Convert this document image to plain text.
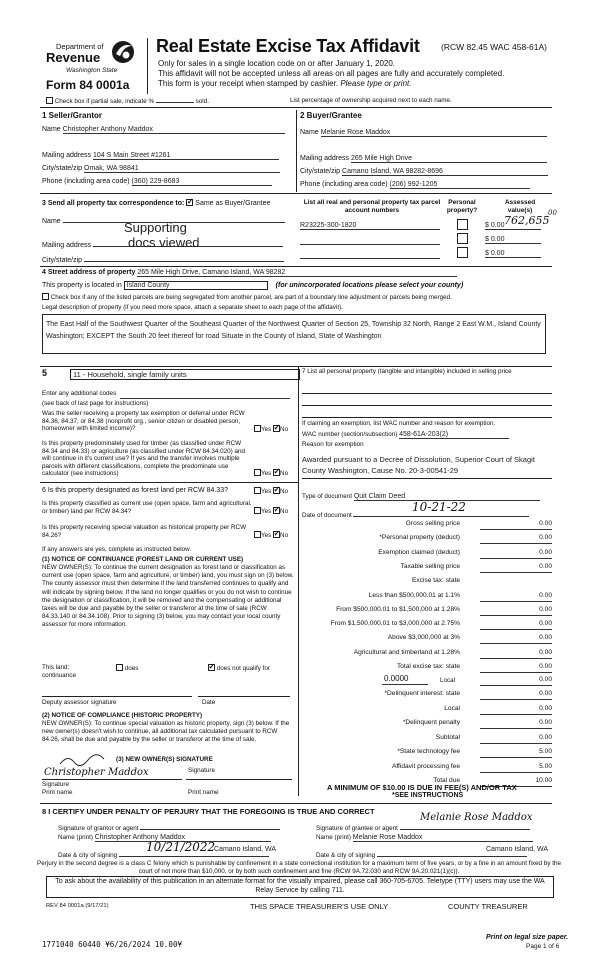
Department of
Revenue
Washington State
Form 84 0001a
Real Estate Excise Tax Affidavit	(RCW 82.45 WAC 458-61A)
Only for sales in a single location code on or after January 1, 2020.
This affidavit will not be accepted unless all areas on all pages are fully and accurately completed.
This form is your receipt when stamped by cashier. Please type or print.
Check box if partial sale, indicate %	sold.	List percentage of ownership acquired next to each name.
1 Seller/Grantor
Name Christopher Anthony Maddox
Mailing address 104 S Main Street #1261
City/state/zip Omak, WA 98841
Phone (including area code) (360) 229-8683
2 Buyer/Grantee
Name Melanie Rose Maddox
Mailing address 265 Mile High Drive
City/state/zip Camano Island, WA 98282-8696
Phone (including area code) (206) 992-1205
3 Send all property tax correspondence to: ✓ Same as Buyer/Grantee
Name
Mailing address
City/state/zip
Supporting
docs viewed
List all real and personal property tax parcel account numbers
Personal property?
Assessed value(s)
R23225-300-1820	$ 0.00
$ 0.00
$ 0.00
762,655
00
4 Street address of property 265 Mile High Drive, Camano Island, WA 98282
This property is located in Island County	(for unincorporated locations please select your county)
Check box if any of the listed parcels are being segregated from another parcel, are part of a boundary line adjustment or parcels being merged.
Legal description of property (if you need more space, attach a separate sheet to each page of the affidavit).
The East Half of the Southwest Quarter of the Southeast Quarter of the Northwest Quarter of Section 25, Township 32 North, Range 2 East W.M., Island County Washington; EXCEPT the South 20 feet thereof for road Situate in the County of Island, State of Washington
5	11 - Household, single family units
Enter any additional codes
(see back of last page for instructions)
Was the seller receiving a property tax exemption or deferral under RCW 84.36, 84.37, or 84.38 (nonprofit org., senior citizen or disabled person, homeowner with limited income)?	Yes ✓ No
Is this property predominately used for timber (as classified under RCW 84.34 and 84.33) or agriculture (as classified under RCW 84.34.020) and will continue in it's current use? If yes and the transfer involves multiple parcels with different classifications, complete the predominate use calculator (see instructions)	Yes ✓ No
6 Is this property designated as forest land per RCW 84.33?	Yes ✓ No
Is this property classified as current use (open space, farm and agricultural, or timber) land per RCW 84.34?	Yes ✓ No
Is this property receiving special valuation as historical property per RCW 84.26?	Yes ✓ No
If any answers are yes, complete as instructed below.
(1) NOTICE OF CONTINUANCE (FOREST LAND OR CURRENT USE)
NEW OWNER(S): To continue the current designation as forest land or classification as current use (open space, farm and agriculture, or timber) land, you must sign on (3) below. The county assessor must then determine if the land transferred continues to qualify and will indicate by signing below. If the land no longer qualifies or you do not wish to continue the designation or classification, it will be removed and the compensating or additional taxes will be due and payable by the seller or transferor at the time of sale (RCW 84.33.140 or 84.34.108). Prior to signing (3) below, you may contact your local county assessor for more information.
This land:
continuance
does ✓	does not qualify for
Deputy assessor signature	Date
(2) NOTICE OF COMPLIANCE (HISTORIC PROPERTY)
NEW OWNER(S): To continue special valuation as historic property, sign (3) below. If the new owner(s) doesn't wish to continue, all additional tax calculated pursuant to RCW 84.26, shall be due and payable by the seller or transferor at the time of sale.
(3) NEW OWNER(S) SIGNATURE
Christopher Maddox	Signature
Signature
Print name	Print name
7 List all personal property (tangible and intangible) included in selling price
If claiming an exemption, list WAC number and reason for exemption.
WAC number (section/subsection) 458-61A-203(2)
Reason for exemption
Awarded pursuant to a Decree of Dissolution, Superior Court of Skagit County Washington, Cause No. 20-3-00541-29
Type of document Quit Claim Deed
Date of document
10-21-22
Gross selling price	0.00
*Personal property (deduct)	0.00
Exemption claimed (deduct)	0.00
Taxable selling price	0.00
Excise tax: state
Less than $500,000.01 at 1.1%	0.00
From $500,000.01 to $1,500,000 at 1.28%	0.00
From $1,500,000.01 to $3,000,000 at 2.75%	0.00
Above $3,000,000 at 3%	0.00
Agricultural and timberland at 1.28%	0.00
Total excise tax: state	0.00
0.0000	Local	0.00
*Delinquent interest: state	0.00
Local	0.00
*Delinquent penalty	0.00
Subtotal	0.00
*State technology fee	5.00
Affidavit processing fee	5.00
Total due	10.00
A MINIMUM OF $10.00 IS DUE IN FEE(S) AND/OR TAX
*SEE INSTRUCTIONS
8 I CERTIFY UNDER PENALTY OF PERJURY THAT THE FOREGOING IS TRUE AND CORRECT
Signature of grantor or agent
Name (print) Christopher Anthony Maddox
Date & city of signing
10/21/2022
Camano Island, WA
Signature of grantee or agent
Melanie Rose Maddox
Name (print) Melanie Rose Maddox
Date & city of signing
Camano Island, WA
Perjury in the second degree is a class C felony which is punishable by confinement in a state correctional institution for a maximum term of five years, or by a fine in an amount fixed by the court of not more than $10,000, or by both such confinement and fine (RCW 9A.72.030 and RCW 9A.20.021(1)(c)).
To ask about the availability of this publication in an alternate format for the visually impaired, please call 360-705-6705. Teletype (TTY) users may use the WA Relay Service by calling 711.
REV 84 0001a (9/17/21)	THIS SPACE TREASURER'S USE ONLY	COUNTY TREASURER
1771040 60440 ¥6/26/2024 10.00¥
Print on legal size paper.
Page 1 of 6
